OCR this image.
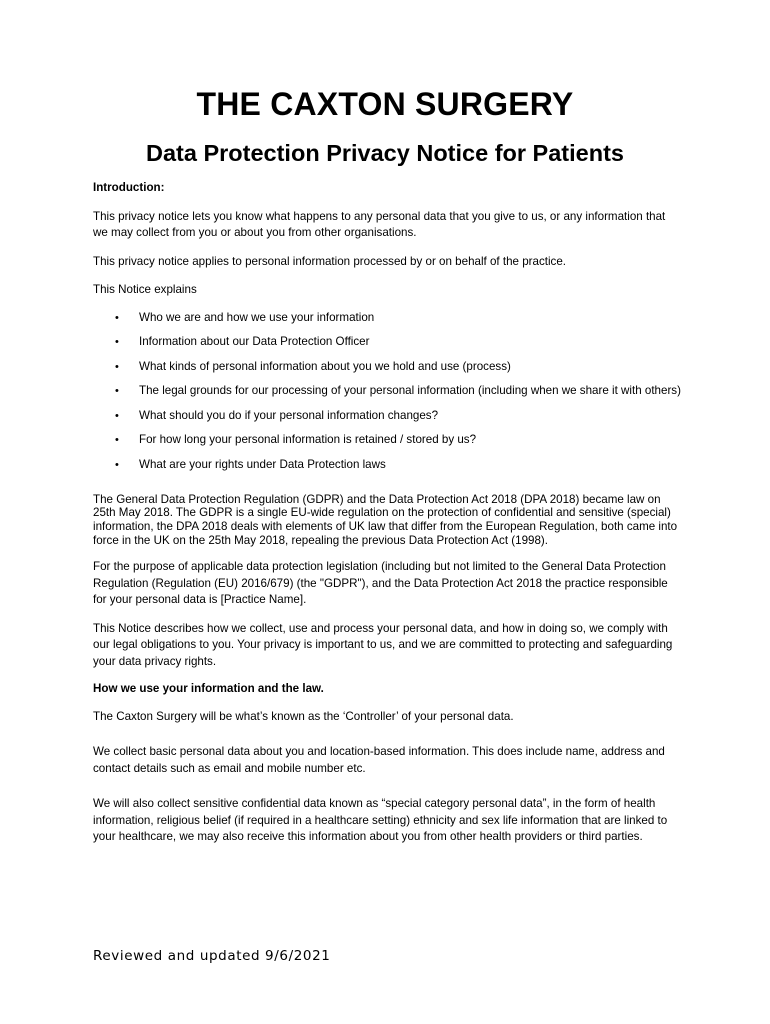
THE CAXTON SURGERY
Data Protection Privacy Notice for Patients

Introduction:

This privacy notice lets you know what happens to any personal data that you give to us, or any information that we may collect from you or about you from other organisations.

This privacy notice applies to personal information processed by or on behalf of the practice.

This Notice explains

• Who we are and how we use your information
• Information about our Data Protection Officer
• What kinds of personal information about you we hold and use (process)
• The legal grounds for our processing of your personal information (including when we share it with others)
• What should you do if your personal information changes?
• For how long your personal information is retained / stored by us?
• What are your rights under Data Protection laws

The General Data Protection Regulation (GDPR) and the Data Protection Act 2018 (DPA 2018) became law on 25th May 2018. The GDPR is a single EU-wide regulation on the protection of confidential and sensitive (special) information, the DPA 2018 deals with elements of UK law that differ from the European Regulation, both came into force in the UK on the 25th May 2018, repealing the previous Data Protection Act (1998).

For the purpose of applicable data protection legislation (including but not limited to the General Data Protection Regulation (Regulation (EU) 2016/679) (the "GDPR"), and the Data Protection Act 2018 the practice responsible for your personal data is [Practice Name].

This Notice describes how we collect, use and process your personal data, and how in doing so, we comply with our legal obligations to you. Your privacy is important to us, and we are committed to protecting and safeguarding your data privacy rights.

How we use your information and the law.

The Caxton Surgery will be what’s known as the ‘Controller’ of your personal data.

We collect basic personal data about you and location-based information. This does include name, address and contact details such as email and mobile number etc.

We will also collect sensitive confidential data known as “special category personal data”, in the form of health information, religious belief (if required in a healthcare setting) ethnicity and sex life information that are linked to your healthcare, we may also receive this information about you from other health providers or third parties.

Reviewed and updated 9/6/2021
